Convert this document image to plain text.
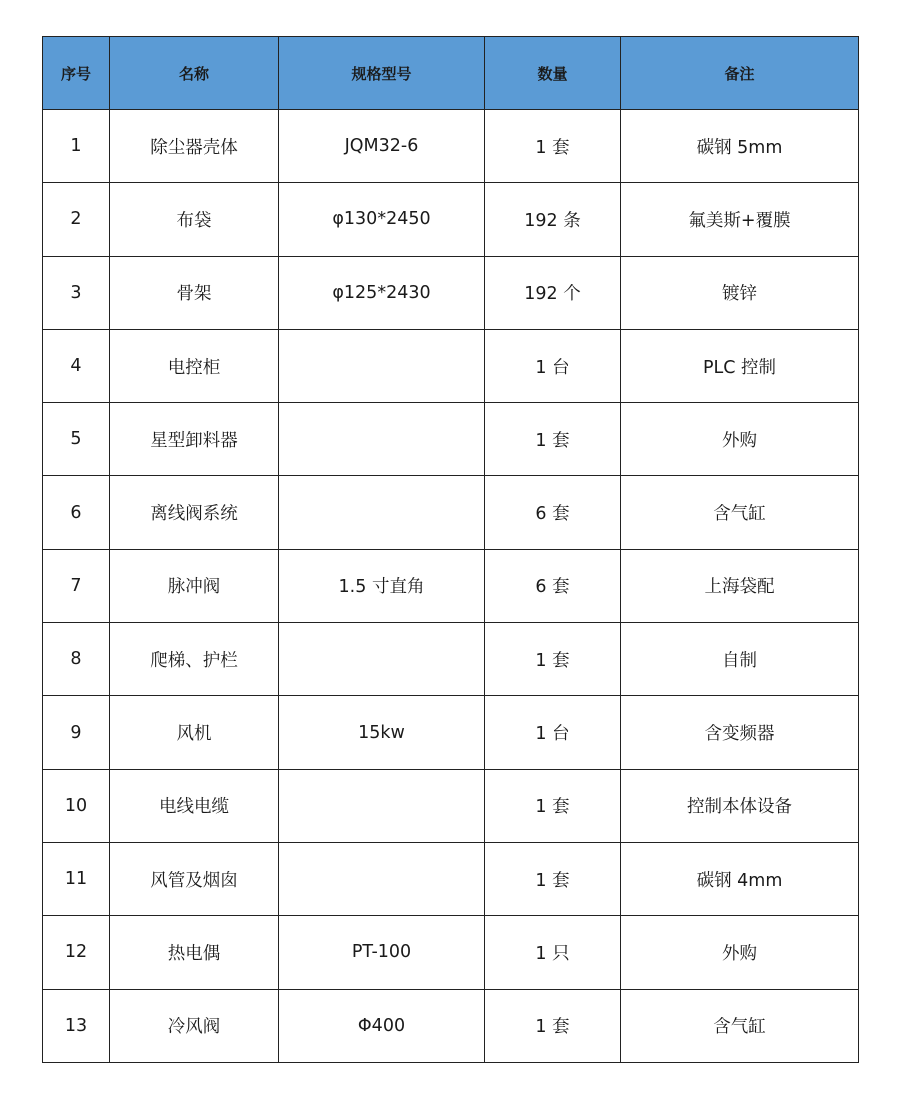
序号	名称	规格型号	数量	备注
1	除尘器壳体	JQM32-6	1 套	碳钢 5mm
2	布袋	φ130*2450	192 条	氟美斯+覆膜
3	骨架	φ125*2430	192 个	镀锌
4	电控柜		1 台	PLC 控制
5	星型卸料器		1 套	外购
6	离线阀系统		6 套	含气缸
7	脉冲阀	1.5 寸直角	6 套	上海袋配
8	爬梯、护栏		1 套	自制
9	风机	15kw	1 台	含变频器
10	电线电缆		1 套	控制本体设备
11	风管及烟囱		1 套	碳钢 4mm
12	热电偶	PT-100	1 只	外购
13	冷风阀	Φ400	1 套	含气缸
